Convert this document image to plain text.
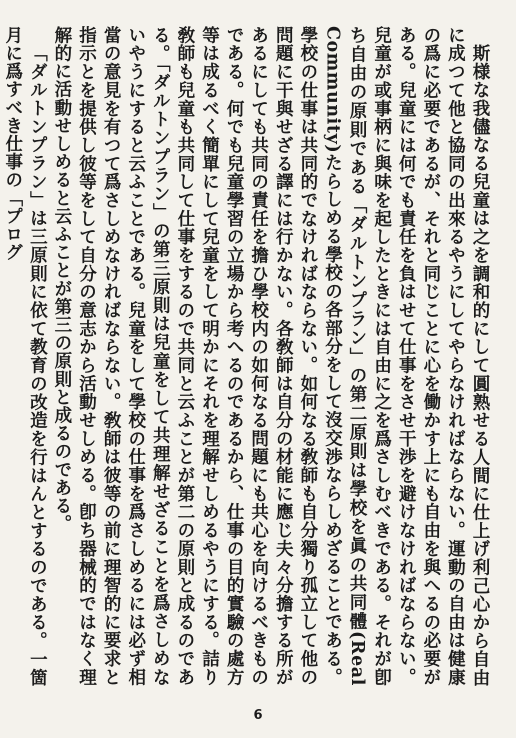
斯様な我儘なる兒童は之を調和的にして圓熟せる人間に仕上げ利己心から自由に成つて他と協同の出來るやうにしてやらなければならない。運動の自由は健康の爲に必要であるが、それと同じことに心を働かす上にも自由を與へるの必要がある。兒童には何でも責任を負はせて仕事をさせ干渉を避けなければならない。兒童が或事柄に與味を起したときには自由に之を爲さしむべきである。それが卽ち自由の原則である「ダルトンプラン」の第二原則は學校を眞の共同體(Real Community)たらしめる學校の各部分をして沒交渉ならしめざることである。學校の仕事は共同的でなければならない。如何なる敎師も自分獨り孤立して他の問題に干與せざる譯には行かない。各敎師は自分の材能に應じ夫々分擔する所があるにしても共同の責任を擔ひ學校内の如何なる問題にも共心を向けるべきものである。何でも兒童學習の立場から考へるのであるから、仕事の目的實驗の處方等は成るべく簡單にして兒童をして明かにそれを理解せしめるやうにする。詰り敎師も兒童も共同して仕事をするので共同と云ふことが第二の原則と成るのである。「ダルトンプラン」の第三原則は兒童をして共理解せざることを爲さしめないやうにすると云ふことである。兒童をして學校の仕事を爲さしめるには必ず相當の意見を有つて爲さしめなければならない。敎師は彼等の前に理智的に要求と指示とを提供し彼等をして自分の意志から活動せしめる。卽ち器械的ではなく理解的に活動せしめると云ふことが第三の原則と成るのである。

「ダルトンプラン」は三原則に依て教育の改造を行はんとするのである。一箇月に爲すべき仕事の「プログ

6
